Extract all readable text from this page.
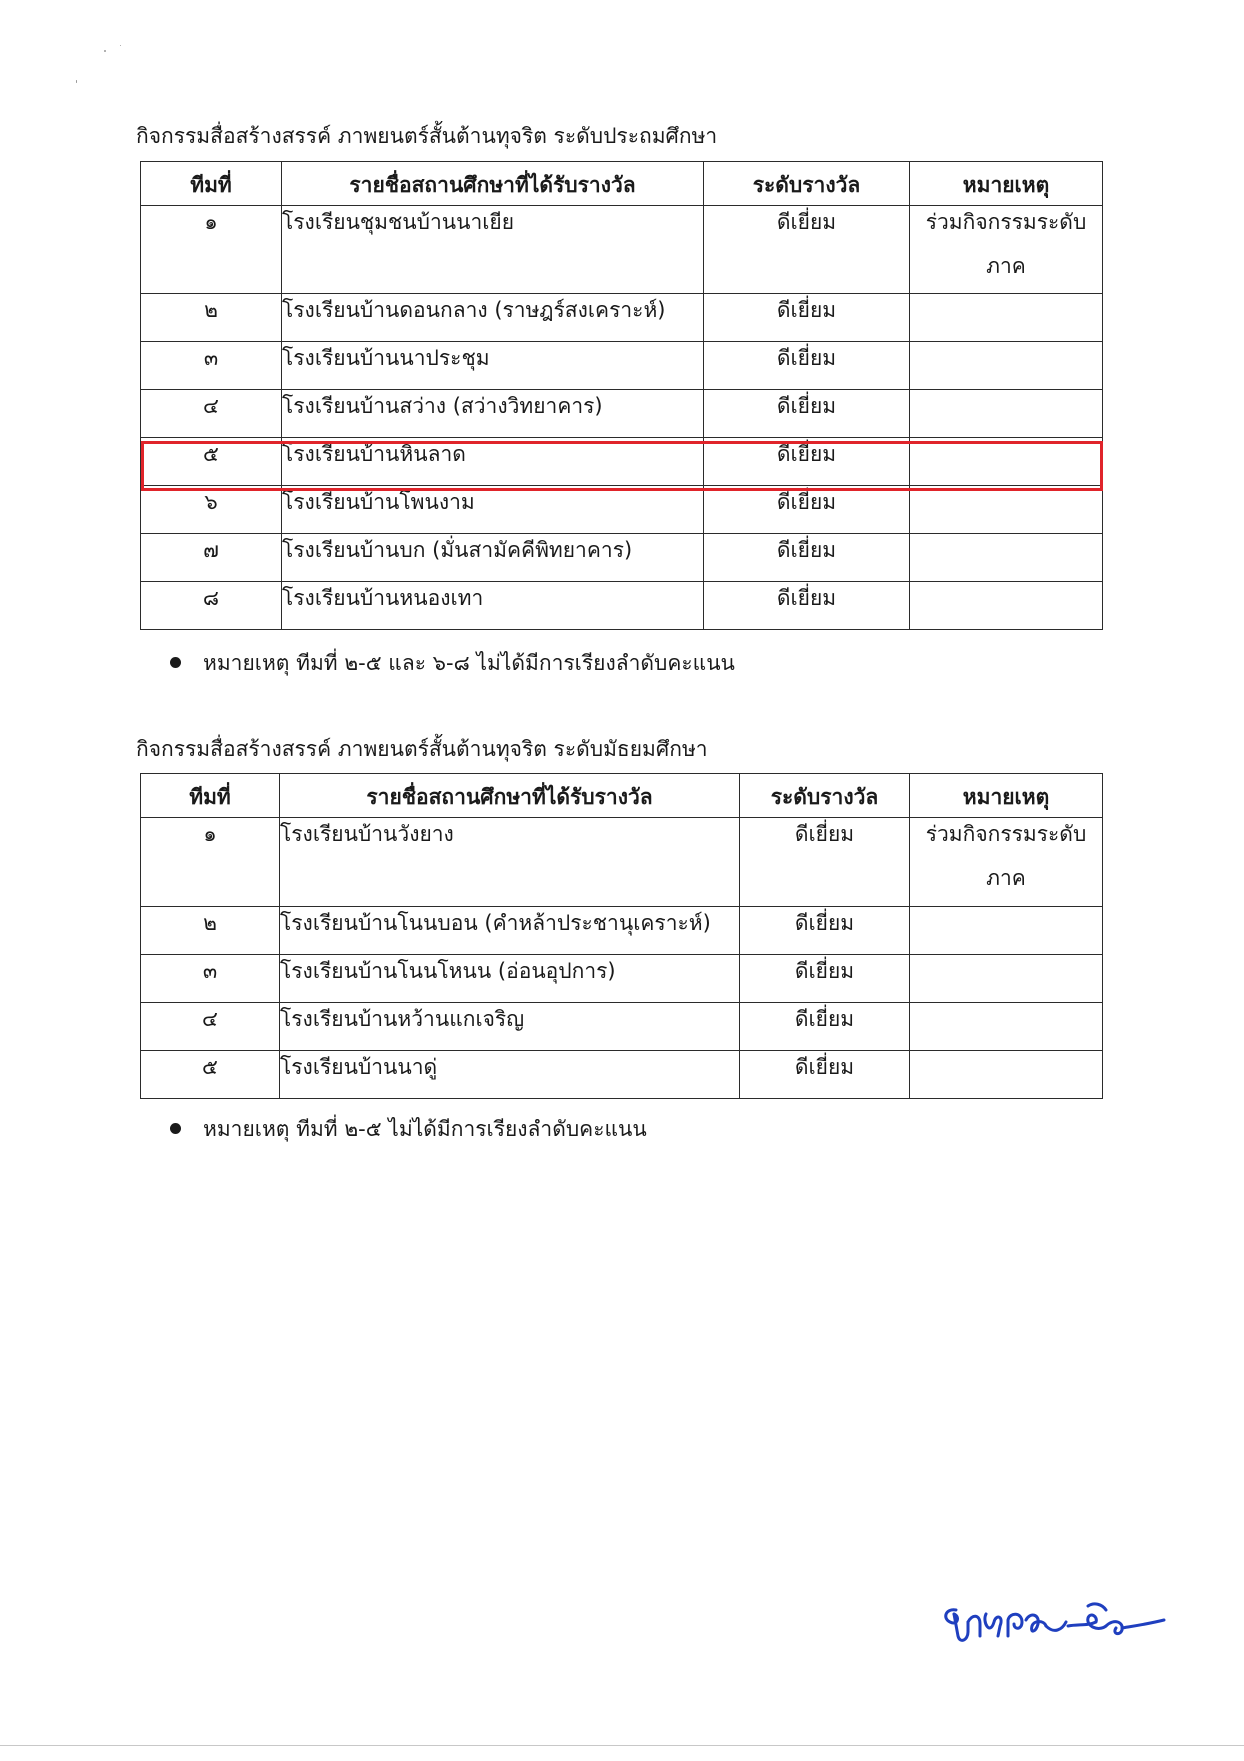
กิจกรรมสื่อสร้างสรรค์ ภาพยนตร์สั้นต้านทุจริต ระดับประถมศึกษา
ทีมที่	รายชื่อสถานศึกษาที่ได้รับรางวัล	ระดับรางวัล	หมายเหตุ
๑	โรงเรียนชุมชนบ้านนาเยีย	ดีเยี่ยม	ร่วมกิจกรรมระดับ
ภาค

๒	โรงเรียนบ้านดอนกลาง (ราษฎร์สงเคราะห์)	ดีเยี่ยม	
๓	โรงเรียนบ้านนาประชุม	ดีเยี่ยม	
๔	โรงเรียนบ้านสว่าง (สว่างวิทยาคาร)	ดีเยี่ยม	
๕	โรงเรียนบ้านหินลาด	ดีเยี่ยม	
๖	โรงเรียนบ้านโพนงาม	ดีเยี่ยม	
๗	โรงเรียนบ้านบก (มั่นสามัคคีพิทยาคาร)	ดีเยี่ยม	
๘	โรงเรียนบ้านหนองเทา	ดีเยี่ยม	
หมายเหตุ ทีมที่ ๒-๕ และ ๖-๘ ไม่ได้มีการเรียงลำดับคะแนน
กิจกรรมสื่อสร้างสรรค์ ภาพยนตร์สั้นต้านทุจริต ระดับมัธยมศึกษา
ทีมที่	รายชื่อสถานศึกษาที่ได้รับรางวัล	ระดับรางวัล	หมายเหตุ
๑	โรงเรียนบ้านวังยาง	ดีเยี่ยม	ร่วมกิจกรรมระดับ
ภาค

๒	โรงเรียนบ้านโนนบอน (คำหล้าประชานุเคราะห์)	ดีเยี่ยม	
๓	โรงเรียนบ้านโนนโหนน (อ่อนอุปการ)	ดีเยี่ยม	
๔	โรงเรียนบ้านหว้านแกเจริญ	ดีเยี่ยม	
๕	โรงเรียนบ้านนาดู่	ดีเยี่ยม	
หมายเหตุ ทีมที่ ๒-๕ ไม่ได้มีการเรียงลำดับคะแนน
